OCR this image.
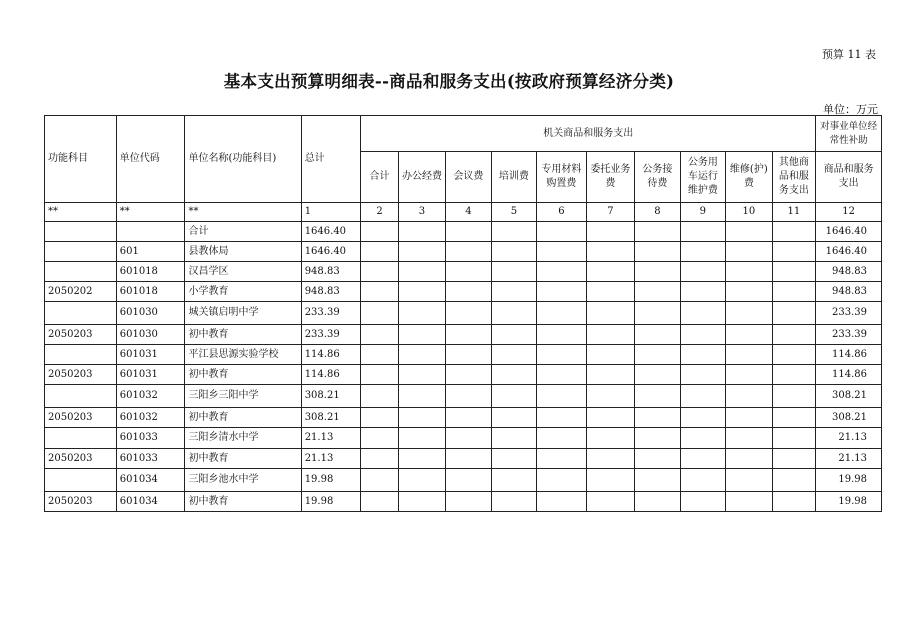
预算 11 表
基本支出预算明细表--商品和服务支出(按政府预算经济分类)
单位：万元
功能科目	单位代码	单位名称(功能科目)	总计	机关商品和服务支出										对事业单位经常性补助
				合计	办公经费	会议费	培训费	专用材料购置费	委托业务费	公务接待费	公务用车运行维护费	维修(护)费	其他商品和服务支出	商品和服务支出
**	**	**	1	2	3	4	5	6	7	8	9	10	11	12
		合计	1646.40											1646.40
	601	县教体局	1646.40											1646.40
	601018	汉昌学区	948.83											948.83
2050202	601018	小学教育	948.83											948.83
	601030	城关镇启明中学	233.39											233.39
2050203	601030	初中教育	233.39											233.39
	601031	平江县思源实验学校	114.86											114.86
2050203	601031	初中教育	114.86											114.86
	601032	三阳乡三阳中学	308.21											308.21
2050203	601032	初中教育	308.21											308.21
	601033	三阳乡清水中学	21.13											21.13
2050203	601033	初中教育	21.13											21.13
	601034	三阳乡池水中学	19.98											19.98
2050203	601034	初中教育	19.98											19.98
